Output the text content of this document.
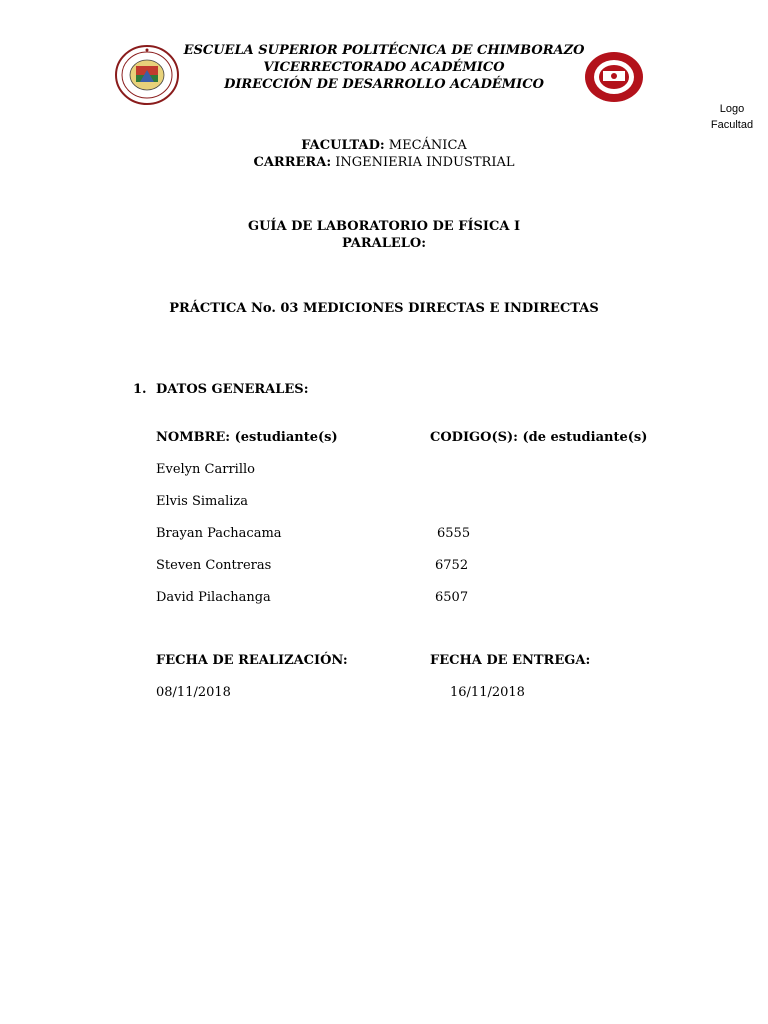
Logo
Facultad
ESCUELA SUPERIOR POLITÉCNICA DE CHIMBORAZO
VICERRECTORADO ACADÉMICO
DIRECCIÓN DE DESARROLLO ACADÉMICO
FACULTAD: MECÁNICA
CARRERA: INGENIERIA INDUSTRIAL
GUÍA DE LABORATORIO DE FÍSICA I
PARALELO:
PRÁCTICA No. 03 MEDICIONES DIRECTAS E INDIRECTAS
1. DATOS GENERALES:
NOMBRE: (estudiante(s)	CODIGO(S): (de estudiante(s)
Evelyn Carrillo
Elvis Simaliza
Brayan Pachacama	6555
Steven Contreras	6752
David Pilachanga	6507
FECHA DE REALIZACIÓN:	FECHA DE ENTREGA:
08/11/2018	16/11/2018
